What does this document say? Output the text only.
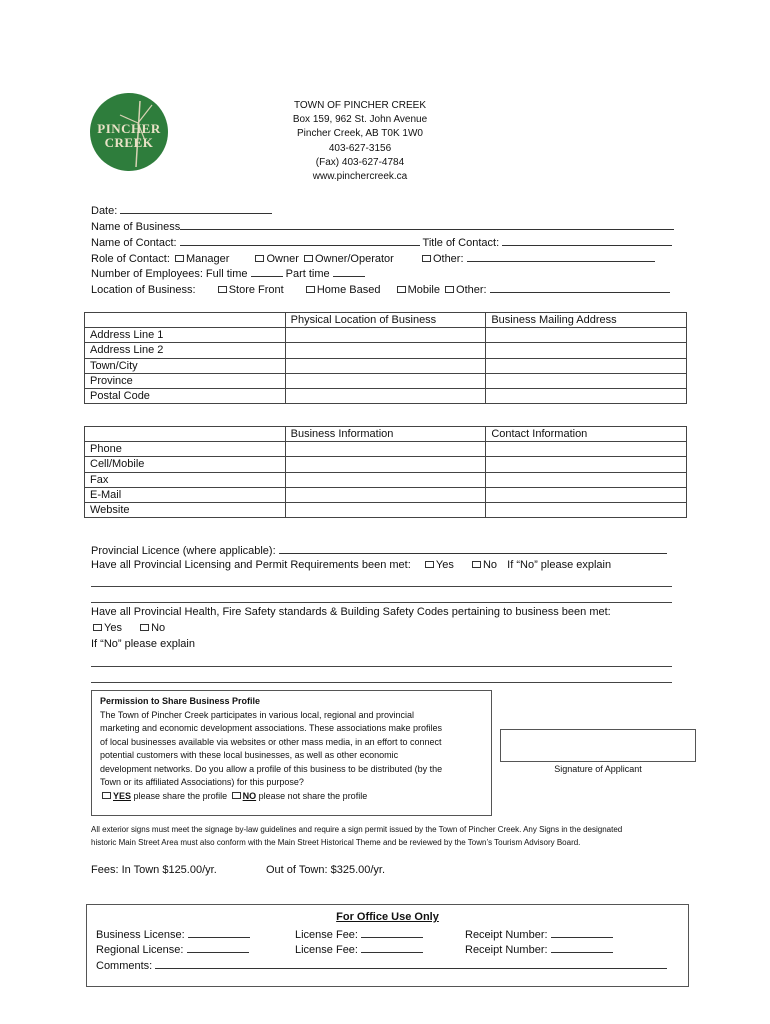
PINCHER
CREEK
TOWN OF PINCHER CREEK
Box 159, 962 St. John Avenue
Pincher Creek, AB T0K 1W0
403-627-3156
(Fax) 403-627-4784
www.pinchercreek.ca
Date:
Name of Business
Name of Contact:	Title of Contact:
Role of Contact: Manager	Owner Owner/Operator	Other:
Number of Employees: Full time	Part time
Location of Business:	Store Front	Home Based Mobile Other:
	Physical Location of Business	Business Mailing Address
Address Line 1		
Address Line 2		
Town/City		
Province		
Postal Code		
	Business Information	Contact Information
Phone		
Cell/Mobile		
Fax		
E-Mail		
Website		
Provincial Licence (where applicable):
Have all Provincial Licensing and Permit Requirements been met: Yes	No If “No” please explain
Have all Provincial Health, Fire Safety standards & Building Safety Codes pertaining to business been met:
Yes	No
If “No” please explain
Permission to Share Business Profile
The Town of Pincher Creek participates in various local, regional and provincial
marketing and economic development associations. These associations make profiles
of local businesses available via websites or other mass media, in an effort to connect
potential customers with these local businesses, as well as other economic
development networks. Do you allow a profile of this business to be distributed (by the
Town or its affiliated Associations) for this purpose?
YES please share the profile NO please not share the profile
Signature of Applicant
All exterior signs must meet the signage by-law guidelines and require a sign permit issued by the Town of Pincher Creek. Any Signs in the designated
historic Main Street Area must also conform with the Main Street Historical Theme and be reviewed by the Town’s Tourism Advisory Board.
Fees: In Town $125.00/yr.	Out of Town: $325.00/yr.
For Office Use Only
Business License:	License Fee:	Receipt Number:
Regional License:	License Fee:	Receipt Number:
Comments:
